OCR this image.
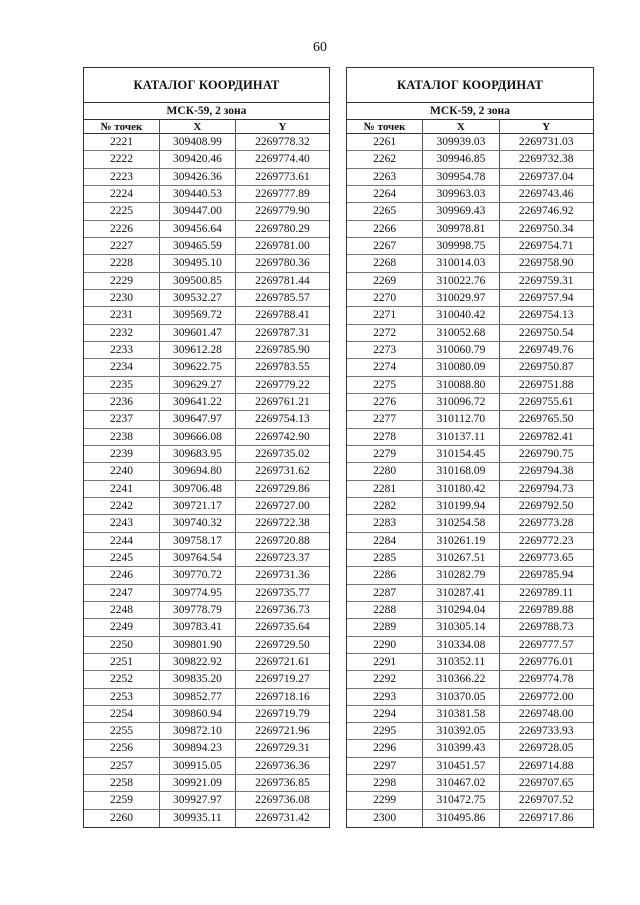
60
КАТАЛОГ КООРДИНАТ
МСК-59, 2 зона
№ точек	X	Y
2221	309408.99	2269778.32
2222	309420.46	2269774.40
2223	309426.36	2269773.61
2224	309440.53	2269777.89
2225	309447.00	2269779.90
2226	309456.64	2269780.29
2227	309465.59	2269781.00
2228	309495.10	2269780.36
2229	309500.85	2269781.44
2230	309532.27	2269785.57
2231	309569.72	2269788.41
2232	309601.47	2269787.31
2233	309612.28	2269785.90
2234	309622.75	2269783.55
2235	309629.27	2269779.22
2236	309641.22	2269761.21
2237	309647.97	2269754.13
2238	309666.08	2269742.90
2239	309683.95	2269735.02
2240	309694.80	2269731.62
2241	309706.48	2269729.86
2242	309721.17	2269727.00
2243	309740.32	2269722.38
2244	309758.17	2269720.88
2245	309764.54	2269723.37
2246	309770.72	2269731.36
2247	309774.95	2269735.77
2248	309778.79	2269736.73
2249	309783.41	2269735.64
2250	309801.90	2269729.50
2251	309822.92	2269721.61
2252	309835.20	2269719.27
2253	309852.77	2269718.16
2254	309860.94	2269719.79
2255	309872.10	2269721.96
2256	309894.23	2269729.31
2257	309915.05	2269736.36
2258	309921.09	2269736.85
2259	309927.97	2269736.08
2260	309935.11	2269731.42
КАТАЛОГ КООРДИНАТ
МСК-59, 2 зона
№ точек	X	Y
2261	309939.03	2269731.03
2262	309946.85	2269732.38
2263	309954.78	2269737.04
2264	309963.03	2269743.46
2265	309969.43	2269746.92
2266	309978.81	2269750.34
2267	309998.75	2269754.71
2268	310014.03	2269758.90
2269	310022.76	2269759.31
2270	310029.97	2269757.94
2271	310040.42	2269754.13
2272	310052.68	2269750.54
2273	310060.79	2269749.76
2274	310080.09	2269750.87
2275	310088.80	2269751.88
2276	310096.72	2269755.61
2277	310112.70	2269765.50
2278	310137.11	2269782.41
2279	310154.45	2269790.75
2280	310168.09	2269794.38
2281	310180.42	2269794.73
2282	310199.94	2269792.50
2283	310254.58	2269773.28
2284	310261.19	2269772.23
2285	310267.51	2269773.65
2286	310282.79	2269785.94
2287	310287.41	2269789.11
2288	310294.04	2269789.88
2289	310305.14	2269788.73
2290	310334.08	2269777.57
2291	310352.11	2269776.01
2292	310366.22	2269774.78
2293	310370.05	2269772.00
2294	310381.58	2269748.00
2295	310392.05	2269733.93
2296	310399.43	2269728.05
2297	310451.57	2269714.88
2298	310467.02	2269707.65
2299	310472.75	2269707.52
2300	310495.86	2269717.86
